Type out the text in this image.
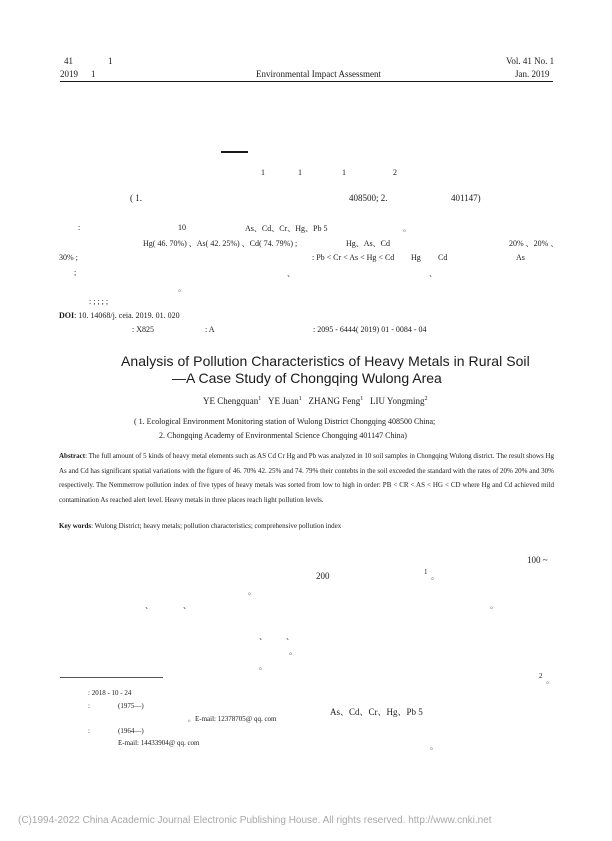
41	1
2019 1	Environmental Impact Assessment
Vol. 41 No. 1
Jan. 2019
1	1	1	2
( 1.	408500; 2.	401147)
:	10	As、Cd、Cr、Hg、Pb 5	。
Hg( 46. 70%) 、As( 42. 25%) 、Cd( 74. 79%) ;	Hg、As、Cd	20% 、20% 、
30% ;	: Pb < Cr < As < Hg < Cd Hg Cd	As
;	、	、
。
: ; ; ; ;
DOI: 10. 14068/j. ceia. 2019. 01. 020
: X825	: A	: 2095 - 6444( 2019) 01 - 0084 - 04
Analysis of Pollution Characteristics of Heavy Metals in Rural Soil
—A Case Study of Chongqing Wulong Area
YE Chengquan$^1$ YE Juan$^1$ ZHANG Feng$^1$ LIU Yongming$^2$
( 1. Ecological Environment Monitoring station of Wulong District Chongqing 408500 China;
2. Chongqing Academy of Environmental Science Chongqing 401147 China)
Abstract: The full amount of 5 kinds of heavy metal elements such as AS Cd Cr Hg and Pb was analyzed in 10 soil samples in Chongqing Wulong district. The result shows Hg As and Cd has significant spatial variations with the figure of 46. 70% 42. 25% and 74. 79% their contebts in the soil exceeded the standard with the rates of 20% 20% and 30% respectively. The Nemmerrow pollution index of five types of heavy metals was sorted from low to high in order: PB < CR < AS < HG < CD where Hg and Cd achieved mild contamination As reached alert level. Heavy metals in three places reach light pollution levels.
Key words: Wulong District; heavy metals; pollution characteristics; comprehensive pollution index
100 ~
200	1 。
。
、	、	。
、 、
。
。
2 。
As、Cd、Cr、Hg、Pb 5
。
: 2018 - 10 - 24
:	(1975—)
。E-mail: 12378705@ qq. com
:	(1964—)
E-mail: 14433904@ qq. com
(C)1994-2022 China Academic Journal Electronic Publishing House. All rights reserved. http://www.cnki.net
